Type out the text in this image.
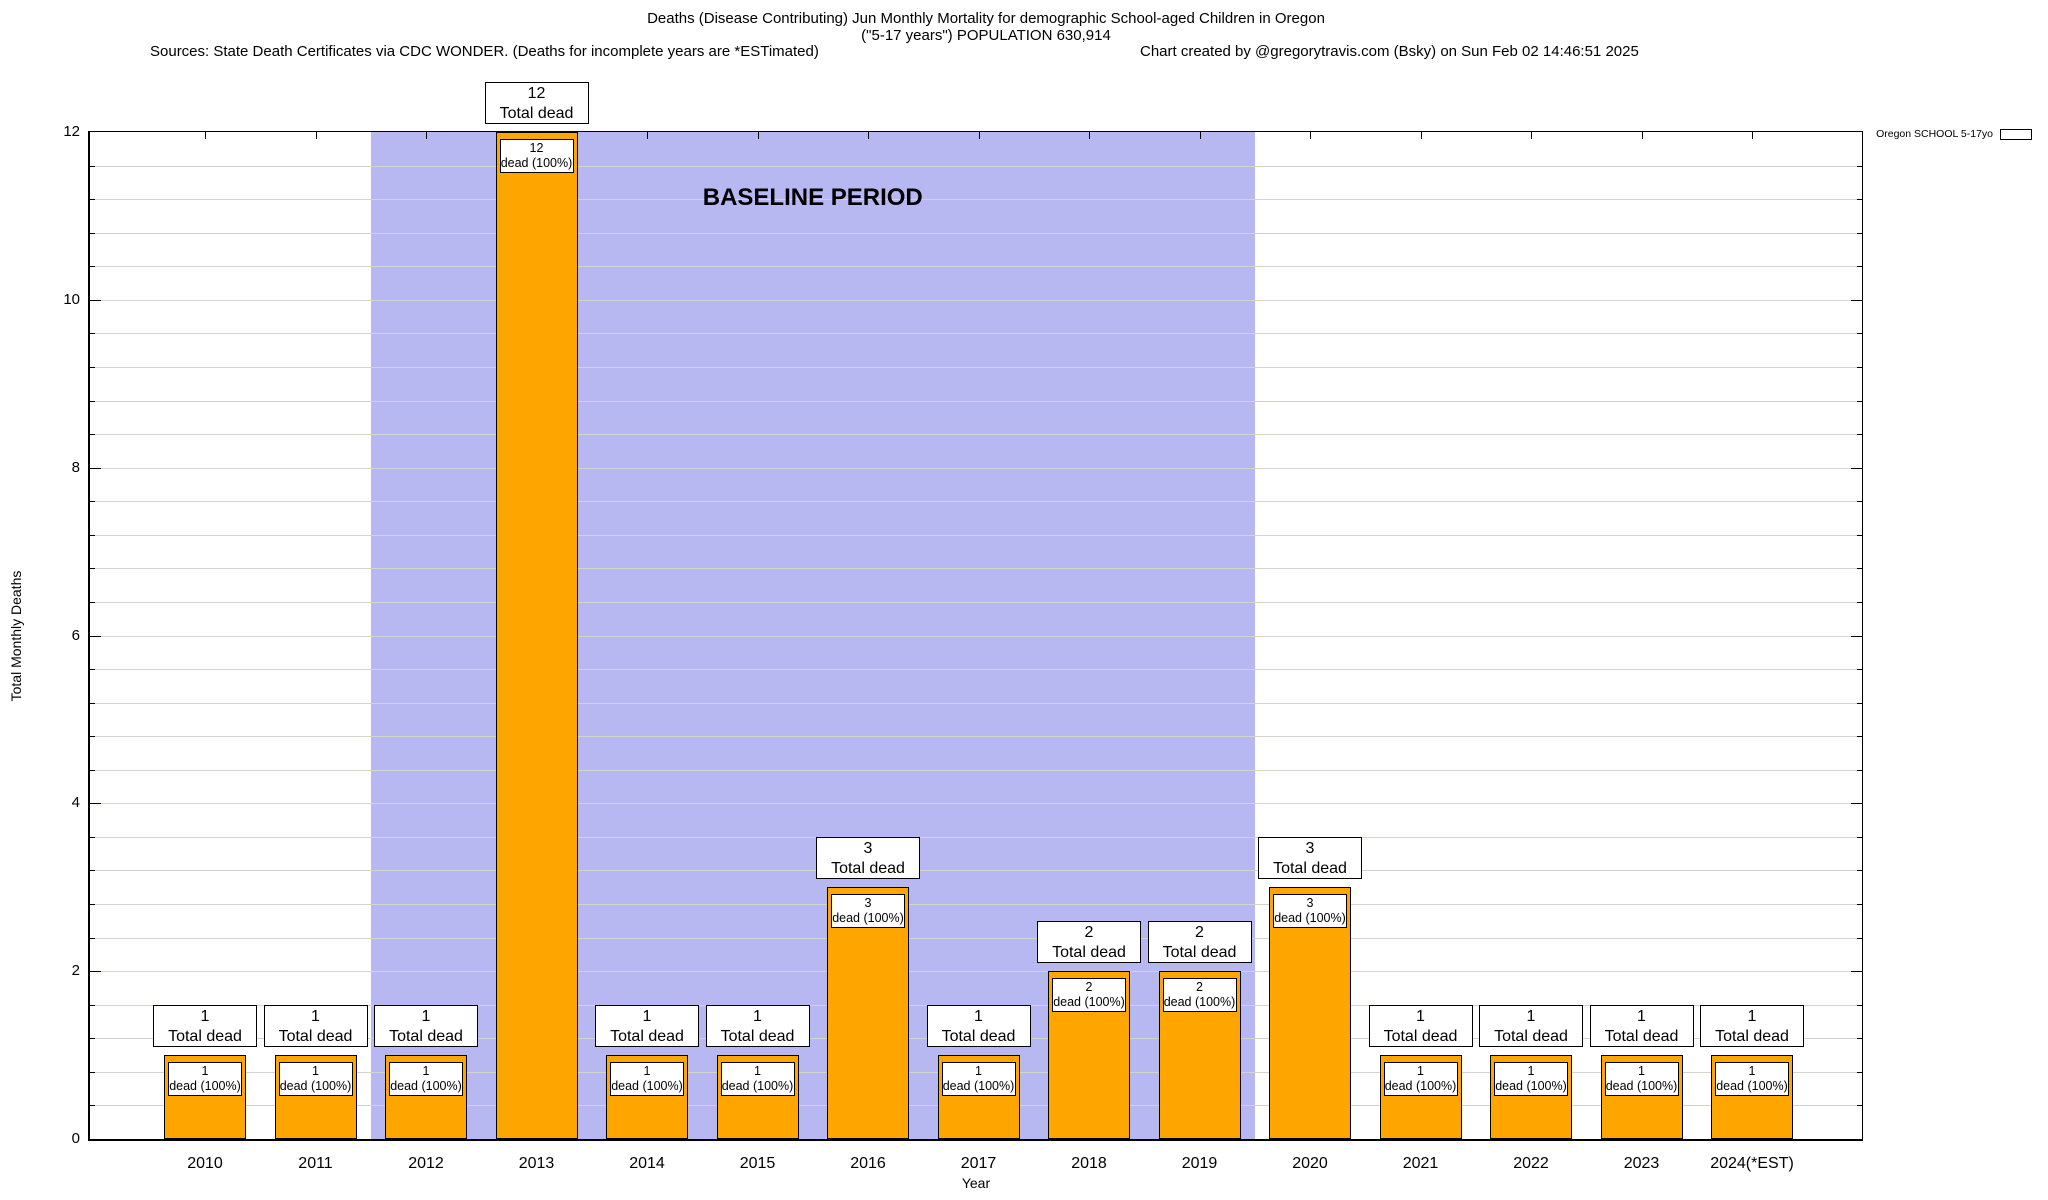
Deaths (Disease Contributing) Jun Monthly Mortality for demographic School-aged Children in Oregon
("5-17 years") POPULATION 630,914
Sources: State Death Certificates via CDC WONDER. (Deaths for incomplete years are *ESTimated)	Chart created by @gregorytravis.com (Bsky) on Sun Feb 02 14:46:51 2025
Oregon SCHOOL 5-17yo
Total Monthly Deaths
Year
BASELINE PERIOD
0
2
4
6
8
10
12
1
Total dead
1
dead (100%)
2010
1
Total dead
1
dead (100%)
2011
1
Total dead
1
dead (100%)
2012
12
Total dead
12
dead (100%)
2013
1
Total dead
1
dead (100%)
2014
1
Total dead
1
dead (100%)
2015
3
Total dead
3
dead (100%)
2016
1
Total dead
1
dead (100%)
2017
2
Total dead
2
dead (100%)
2018
2
Total dead
2
dead (100%)
2019
3
Total dead
3
dead (100%)
2020
1
Total dead
1
dead (100%)
2021
1
Total dead
1
dead (100%)
2022
1
Total dead
1
dead (100%)
2023
1
Total dead
1
dead (100%)
2024(*EST)
